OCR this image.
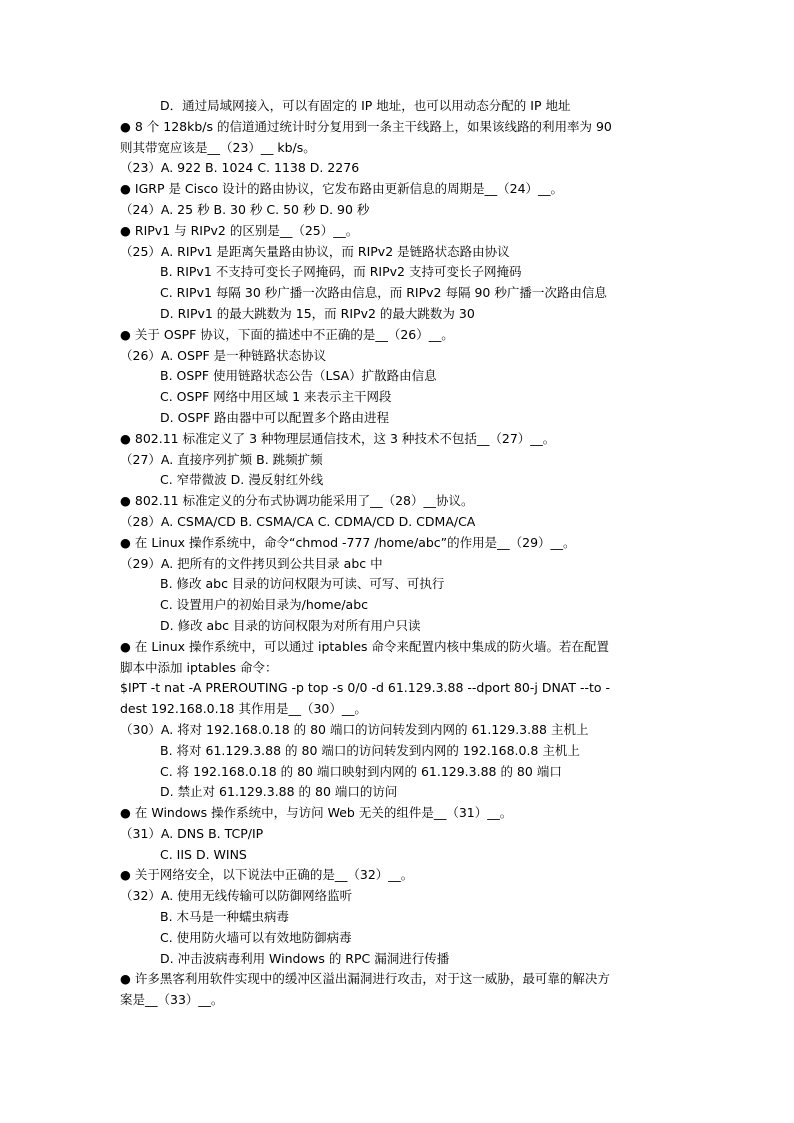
D．通过局域网接入，可以有固定的 IP 地址，也可以用动态分配的 IP 地址
● 8 个 128kb/s 的信道通过统计时分复用到一条主干线路上，如果该线路的利用率为 90
则其带宽应该是__（23）__ kb/s。
（23）A. 922 B. 1024 C. 1138 D. 2276
● IGRP 是 Cisco 设计的路由协议，它发布路由更新信息的周期是__（24）__。
（24）A. 25 秒 B. 30 秒 C. 50 秒 D. 90 秒
● RIPv1 与 RIPv2 的区别是__（25）__。
（25）A. RIPv1 是距离矢量路由协议，而 RIPv2 是链路状态路由协议
B. RIPv1 不支持可变长子网掩码，而 RIPv2 支持可变长子网掩码
C. RIPv1 每隔 30 秒广播一次路由信息，而 RIPv2 每隔 90 秒广播一次路由信息
D. RIPv1 的最大跳数为 15，而 RIPv2 的最大跳数为 30
● 关于 OSPF 协议，下面的描述中不正确的是__（26）__。
（26）A. OSPF 是一种链路状态协议
B. OSPF 使用链路状态公告（LSA）扩散路由信息
C. OSPF 网络中用区域 1 来表示主干网段
D. OSPF 路由器中可以配置多个路由进程
● 802.11 标准定义了 3 种物理层通信技术，这 3 种技术不包括__（27）__。
（27）A. 直接序列扩频 B. 跳频扩频
C. 窄带微波 D. 漫反射红外线
● 802.11 标准定义的分布式协调功能采用了__（28）__协议。
（28）A. CSMA/CD B. CSMA/CA C. CDMA/CD D. CDMA/CA
● 在 Linux 操作系统中，命令“chmod -777 /home/abc”的作用是__（29）__。
（29）A. 把所有的文件拷贝到公共目录 abc 中
B. 修改 abc 目录的访问权限为可读、可写、可执行
C. 设置用户的初始目录为/home/abc
D. 修改 abc 目录的访问权限为对所有用户只读
● 在 Linux 操作系统中，可以通过 iptables 命令来配置内核中集成的防火墙。若在配置
脚本中添加 iptables 命令：
$IPT -t nat -A PREROUTING -p top -s 0/0 -d 61.129.3.88 --dport 80-j DNAT --to -
dest 192.168.0.18 其作用是__（30）__。
（30）A. 将对 192.168.0.18 的 80 端口的访问转发到内网的 61.129.3.88 主机上
B. 将对 61.129.3.88 的 80 端口的访问转发到内网的 192.168.0.8 主机上
C. 将 192.168.0.18 的 80 端口映射到内网的 61.129.3.88 的 80 端口
D. 禁止对 61.129.3.88 的 80 端口的访问
● 在 Windows 操作系统中，与访问 Web 无关的组件是__（31）__。
（31）A. DNS B. TCP/IP
C. IIS D. WINS
● 关于网络安全，以下说法中正确的是__（32）__。
（32）A. 使用无线传输可以防御网络监听
B. 木马是一种蠕虫病毒
C. 使用防火墙可以有效地防御病毒
D. 冲击波病毒利用 Windows 的 RPC 漏洞进行传播
● 许多黑客利用软件实现中的缓冲区溢出漏洞进行攻击，对于这一威胁，最可靠的解决方
案是__（33）__。
